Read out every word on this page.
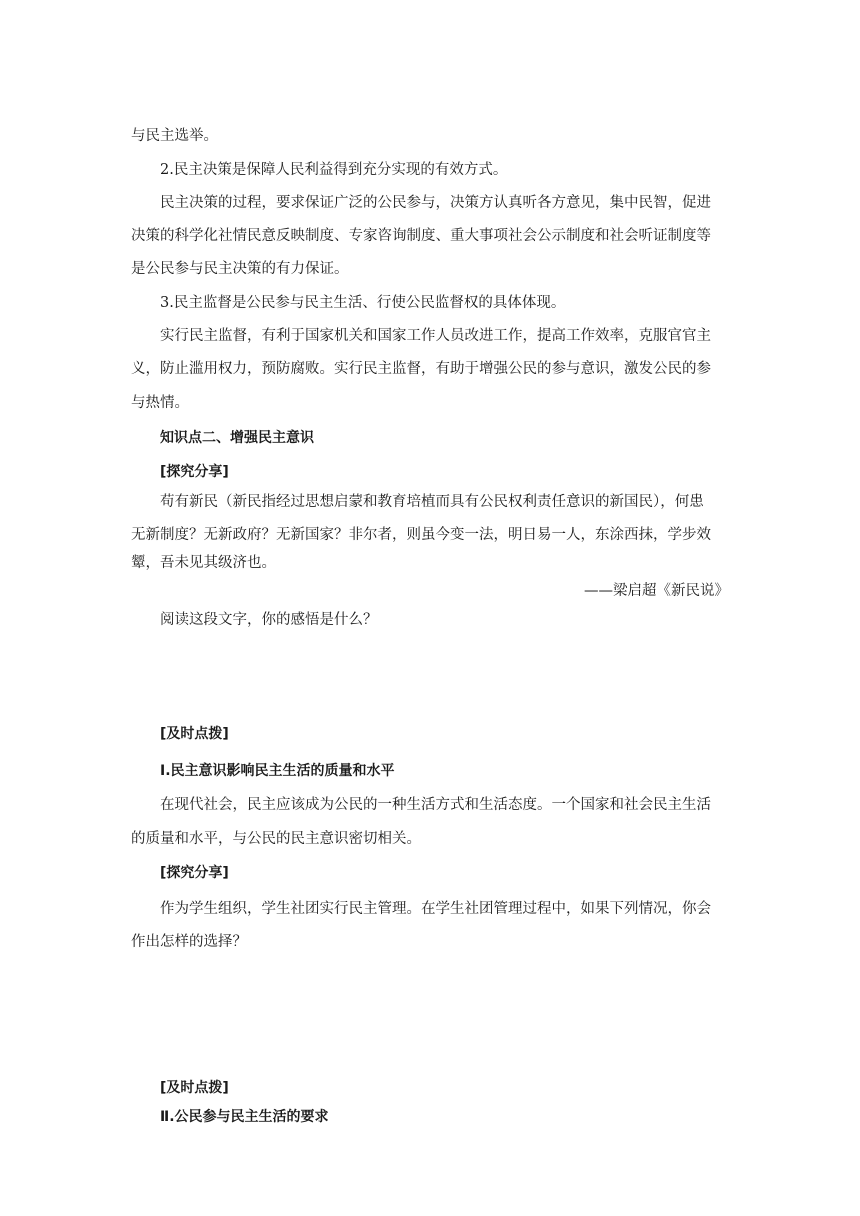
与民主选举。

2.民主决策是保障人民利益得到充分实现的有效方式。

民主决策的过程，要求保证广泛的公民参与，决策方认真听各方意见，集中民智，促进

决策的科学化社情民意反映制度、专家咨询制度、重大事项社会公示制度和社会听证制度等

是公民参与民主决策的有力保证。

3.民主监督是公民参与民主生活、行使公民监督权的具体体现。

实行民主监督，有利于国家机关和国家工作人员改进工作，提高工作效率，克服官官主

义，防止滥用权力，预防腐败。实行民主监督，有助于增强公民的参与意识，激发公民的参

与热情。

知识点二、增强民主意识

[探究分享]

苟有新民（新民指经过思想启蒙和教育培植而具有公民权利责任意识的新国民），何患

无新制度？无新政府？无新国家？非尔者，则虽今变一法，明日易一人，东涂西抹，学步效

颦，吾未见其级济也。

——梁启超《新民说》

阅读这段文字，你的感悟是什么？

[及时点拨]

Ⅰ.民主意识影响民主生活的质量和水平

在现代社会，民主应该成为公民的一种生活方式和生活态度。一个国家和社会民主生活

的质量和水平，与公民的民主意识密切相关。

[探究分享]

作为学生组织，学生社团实行民主管理。在学生社团管理过程中，如果下列情况，你会

作出怎样的选择？

[及时点拨]

Ⅱ.公民参与民主生活的要求
